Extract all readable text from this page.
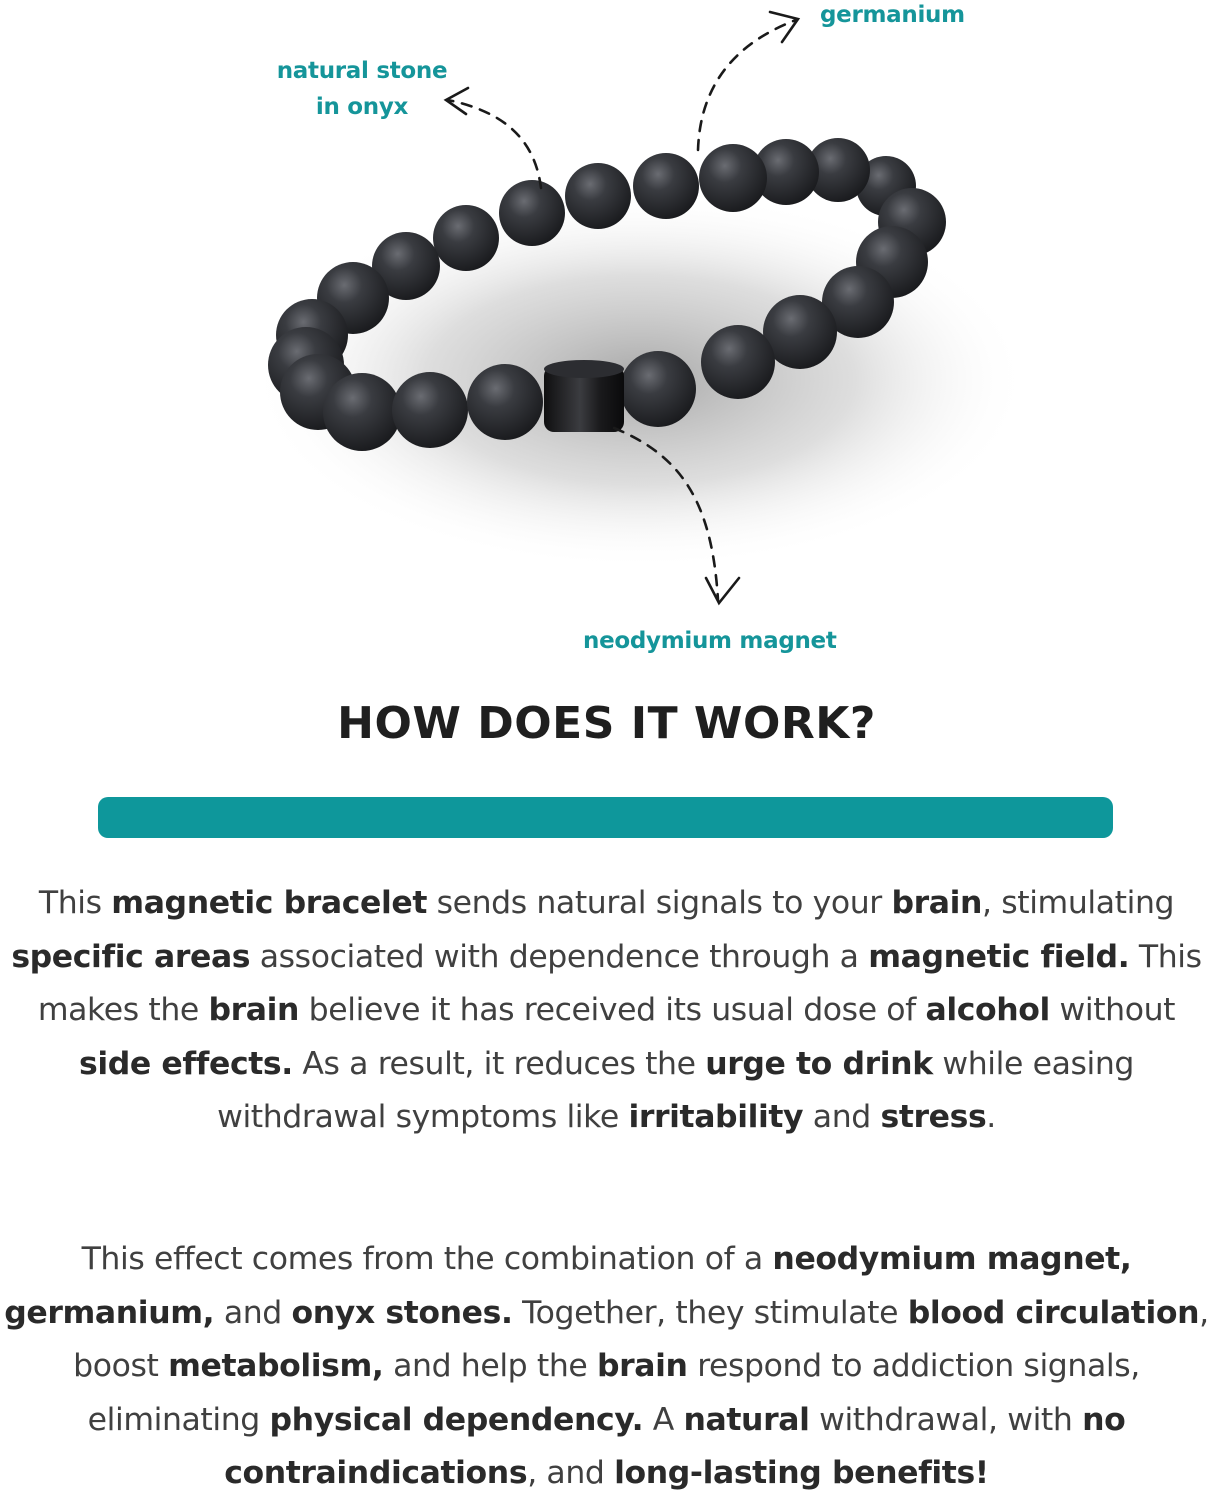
germanium
natural stone
in onyx
neodymium magnet
HOW DOES IT WORK?

This magnetic bracelet sends natural signals to your brain, stimulating specific areas associated with dependence through a magnetic field. This makes the brain believe it has received its usual dose of alcohol without side effects. As a result, it reduces the urge to drink while easing withdrawal symptoms like irritability and stress.

This effect comes from the combination of a neodymium magnet, germanium, and onyx stones. Together, they stimulate blood circulation, boost metabolism, and help the brain respond to addiction signals, eliminating physical dependency. A natural withdrawal, with no contraindications, and long-lasting benefits!
